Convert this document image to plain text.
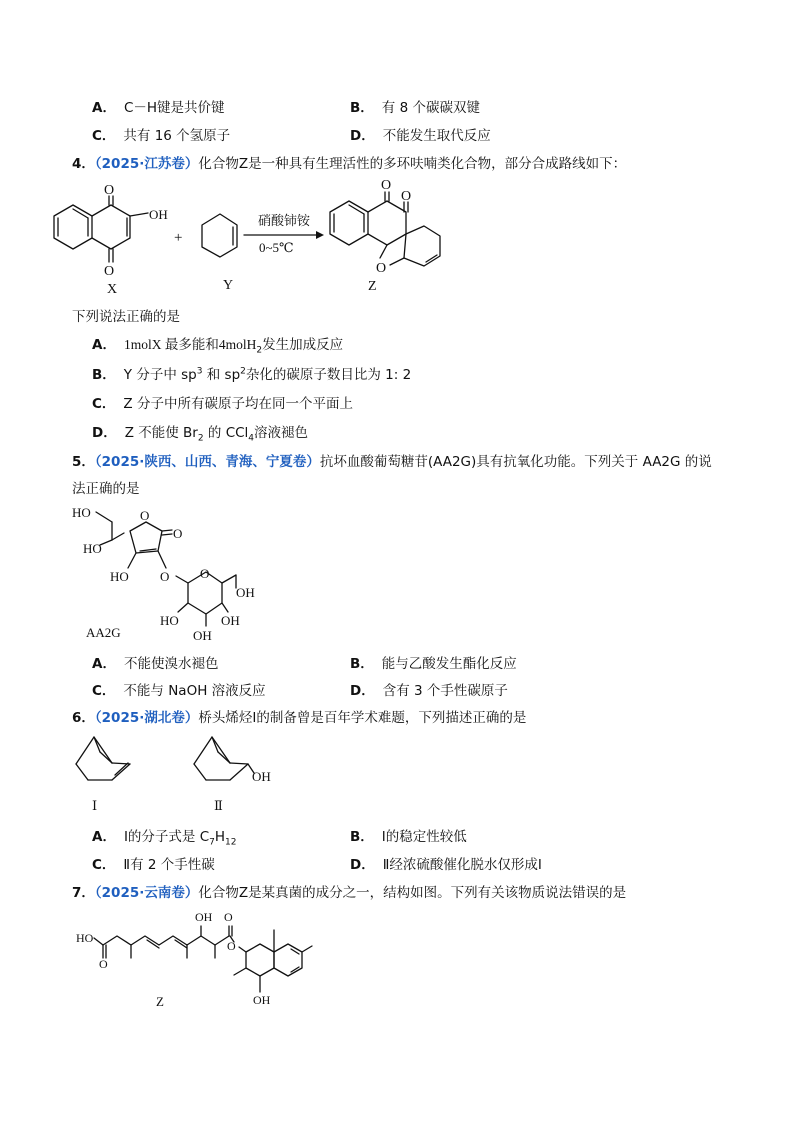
A． C－H键是共价键	B． 有 8 个碳碳双键
C． 共有 16 个氢原子	D． 不能发生取代反应
4．（2025·江苏卷）化合物Z是一种具有生理活性的多环呋喃类化合物，部分合成路线如下：
O
O
OH
X
+
Y
硝酸铈铵
0~5℃
O
O
O
Z
下列说法正确的是
A． 1molX 最多能和4molH$_2$发生加成反应
B． Y 分子中 $sp^3$ 和 $sp^2$杂化的碳原子数目比为 1: 2
C． Z 分子中所有碳原子均在同一个平面上
D． Z 不能使 $Br_2$ 的 CCl$_4$溶液褪色
5．（2025·陕西、山西、青海、宁夏卷）抗坏血酸葡萄糖苷(AA2G)具有抗氧化功能。下列关于 AA2G 的说
法正确的是
HO
HO
O
O
HO O O
OH
OH
OH
HO
AA2G
A． 不能使溴水褪色	B． 能与乙酸发生酯化反应
C． 不能与 NaOH 溶液反应	D． 含有 3 个手性碳原子
6．（2025·湖北卷）桥头烯烃Ⅰ的制备曾是百年学术难题，下列描述正确的是
Ⅰ
OH
Ⅱ
A． Ⅰ的分子式是 $C_7H_{12}$	B． Ⅰ的稳定性较低
C． Ⅱ有 2 个手性碳	D． Ⅱ经浓硫酸催化脱水仅形成Ⅰ
7．（2025·云南卷）化合物Z是某真菌的成分之一，结构如图。下列有关该物质说法错误的是
HO
O
OH O
O
OH
Z
